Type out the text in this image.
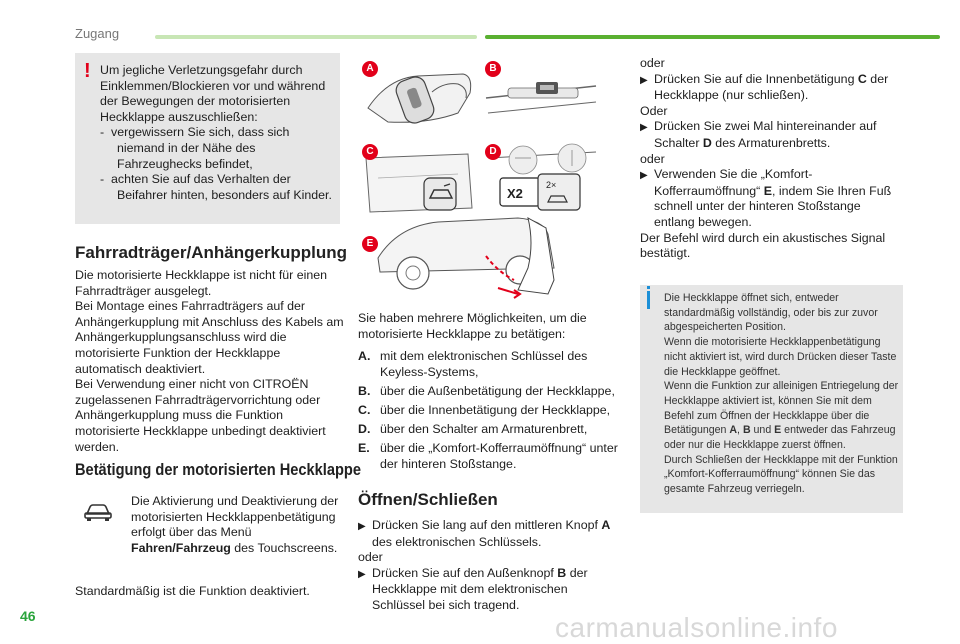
Zugang
! Um jegliche Verletzungsgefahr durch Einklemmen/Blockieren vor und während der Bewegungen der motorisierten Heckklappe auszuschließen:

-  vergewissern Sie sich, dass sich niemand in der Nähe des Fahrzeughecks befindet,

-  achten Sie auf das Verhalten der Beifahrer hinten, besonders auf Kinder.

Fahrradträger/Anhängerkupplung

Die motorisierte Heckklappe ist nicht für einen Fahrradträger ausgelegt.

Bei Montage eines Fahrradträgers auf der Anhängerkupplung mit Anschluss des Kabels am Anhängerkupplungsanschluss wird die motorisierte Funktion der Heckklappe automatisch deaktiviert.

Bei Verwendung einer nicht von CITROËN zugelassenen Fahrradträgervorrichtung oder Anhängerkupplung muss die Funktion motorisierte Heckklappe unbedingt deaktiviert werden.

Betätigung der motorisierten Heckklappe
Die Aktivierung und Deaktivierung der motorisierten Heckklappenbetätigung erfolgt über das Menü Fahren/Fahrzeug des Touchscreens.
Standardmäßig ist die Funktion deaktiviert.
X2
2×
A	B
C	D
E
Sie haben mehrere Möglichkeiten, um die motorisierte Heckklappe zu betätigen:
A. mit dem elektronischen Schlüssel des Keyless-Systems,
B. über die Außenbetätigung der Heckklappe,
C. über die Innenbetätigung der Heckklappe,
D. über den Schalter am Armaturenbrett,
E. über die „Komfort-Kofferraumöffnung“ unter der hinteren Stoßstange.
Öffnen/Schließen

▶ Drücken Sie lang auf den mittleren Knopf A des elektronischen Schlüssels.

oder

▶ Drücken Sie auf den Außenknopf B der Heckklappe mit dem elektronischen Schlüssel bei sich tragend.

oder

▶ Drücken Sie auf die Innenbetätigung C der Heckklappe (nur schließen).

Oder

▶ Drücken Sie zwei Mal hintereinander auf Schalter D des Armaturenbretts.

oder

▶ Verwenden Sie die „Komfort-Kofferraumöffnung“ E, indem Sie Ihren Fuß schnell unter der hinteren Stoßstange entlang bewegen.

Der Befehl wird durch ein akustisches Signal bestätigt.

Die Heckklappe öffnet sich, entweder standardmäßig vollständig, oder bis zur zuvor abgespeicherten Position.

Wenn die motorisierte Heckklappenbetätigung nicht aktiviert ist, wird durch Drücken dieser Taste die Heckklappe geöffnet.

Wenn die Funktion zur alleinigen Entriegelung der Heckklappe aktiviert ist, können Sie mit dem Befehl zum Öffnen der Heckklappe über die Betätigungen A, B und E entweder das Fahrzeug oder nur die Heckklappe zuerst öffnen.

Durch Schließen der Heckklappe mit der Funktion „Komfort-Kofferraumöffnung“ können Sie das gesamte Fahrzeug verriegeln.

46	carmanualsonline.info
